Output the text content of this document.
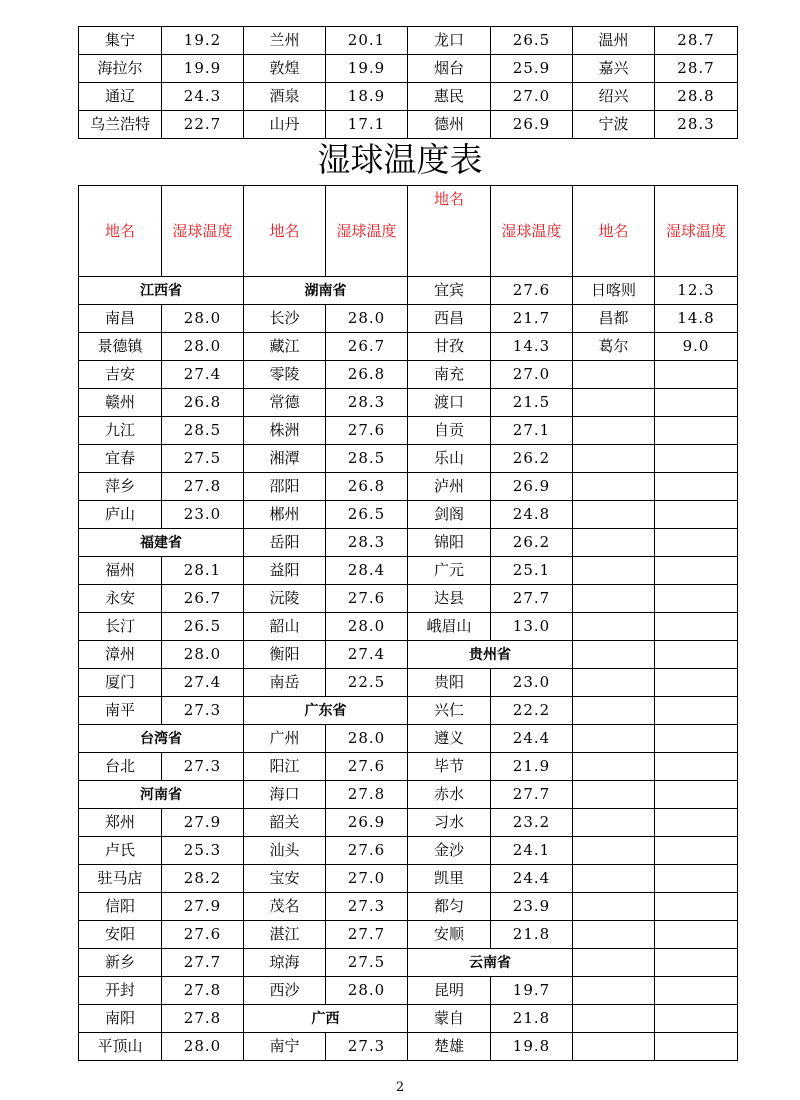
集宁	19.2	兰州	20.1	龙口	26.5	温州	28.7
海拉尔	19.9	敦煌	19.9	烟台	25.9	嘉兴	28.7
通辽	24.3	酒泉	18.9	惠民	27.0	绍兴	28.8
乌兰浩特	22.7	山丹	17.1	德州	26.9	宁波	28.3
湿球温度表
地名	湿球温度	地名	湿球温度	地名	湿球温度	地名	湿球温度
江西省		湖南省		宜宾	27.6	日喀则	12.3
南昌	28.0	长沙	28.0	西昌	21.7	昌都	14.8
景德镇	28.0	藏江	26.7	甘孜	14.3	葛尔	9.0
吉安	27.4	零陵	26.8	南充	27.0		
赣州	26.8	常德	28.3	渡口	21.5		
九江	28.5	株洲	27.6	自贡	27.1		
宜春	27.5	湘潭	28.5	乐山	26.2		
萍乡	27.8	邵阳	26.8	泸州	26.9		
庐山	23.0	郴州	26.5	剑阁	24.8		
福建省		岳阳	28.3	锦阳	26.2		
福州	28.1	益阳	28.4	广元	25.1		
永安	26.7	沅陵	27.6	达县	27.7		
长汀	26.5	韶山	28.0	峨眉山	13.0		
漳州	28.0	衡阳	27.4	贵州省			
厦门	27.4	南岳	22.5	贵阳	23.0		
南平	27.3	广东省		兴仁	22.2		
台湾省		广州	28.0	遵义	24.4		
台北	27.3	阳江	27.6	毕节	21.9		
河南省		海口	27.8	赤水	27.7		
郑州	27.9	韶关	26.9	习水	23.2		
卢氏	25.3	汕头	27.6	金沙	24.1		
驻马店	28.2	宝安	27.0	凯里	24.4		
信阳	27.9	茂名	27.3	都匀	23.9		
安阳	27.6	湛江	27.7	安顺	21.8		
新乡	27.7	琼海	27.5	云南省			
开封	27.8	西沙	28.0	昆明	19.7		
南阳	27.8	广西		蒙自	21.8		
平顶山	28.0	南宁	27.3	楚雄	19.8		
2
